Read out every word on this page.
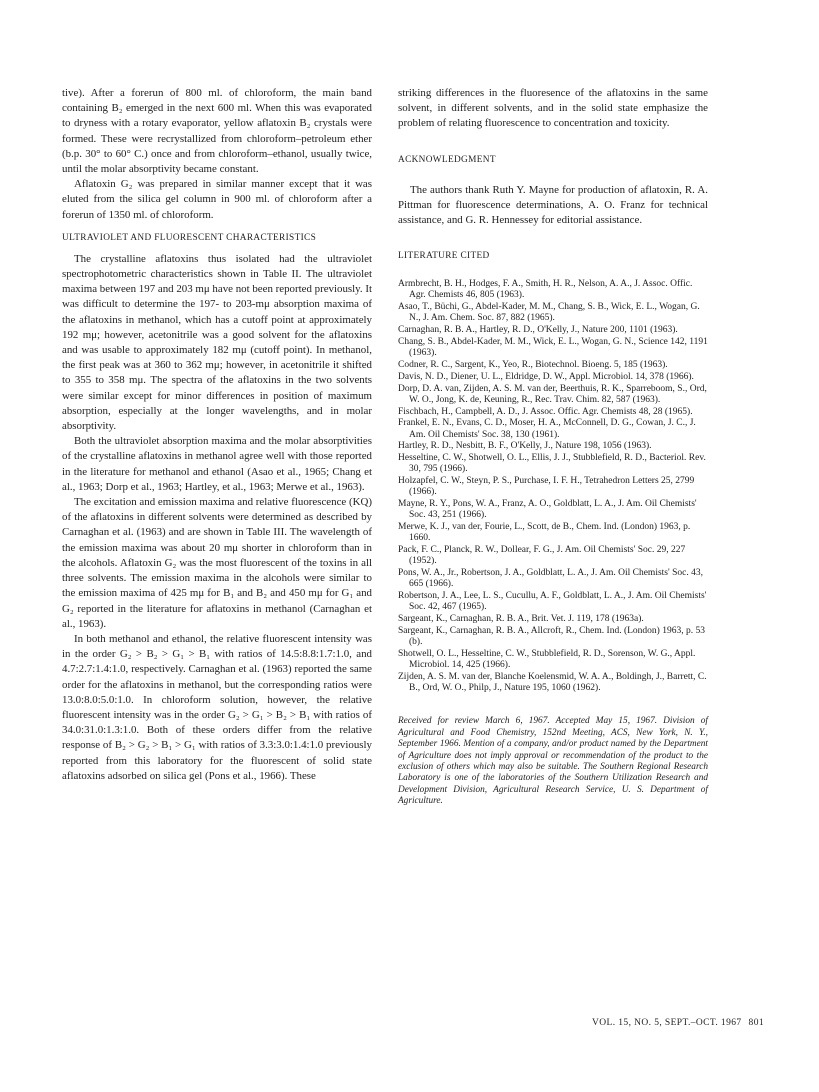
tive). After a forerun of 800 ml. of chloroform, the main band containing B₂ emerged in the next 600 ml. When this was evaporated to dryness with a rotary evaporator, yellow aflatoxin B₂ crystals were formed. These were recrystallized from chloroform–petroleum ether (b.p. 30° to 60° C.) once and from chloroform–ethanol, usually twice, until the molar absorptivity became constant.

Aflatoxin G₂ was prepared in similar manner except that it was eluted from the silica gel column in 900 ml. of chloroform after a forerun of 1350 ml. of chloroform.

ULTRAVIOLET AND FLUORESCENT CHARACTERISTICS

The crystalline aflatoxins thus isolated had the ultraviolet spectrophotometric characteristics shown in Table II. The ultraviolet maxima between 197 and 203 mμ have not been reported previously. It was difficult to determine the 197- to 203-mμ absorption maxima of the aflatoxins in methanol, which has a cutoff point at approximately 192 mμ; however, acetonitrile was a good solvent for the aflatoxins and was usable to approximately 182 mμ (cutoff point). In methanol, the first peak was at 360 to 362 mμ; however, in acetonitrile it shifted to 355 to 358 mμ. The spectra of the aflatoxins in the two solvents were similar except for minor differences in position of maximum absorption, especially at the longer wavelengths, and in molar absorptivity.

Both the ultraviolet absorption maxima and the molar absorptivities of the crystalline aflatoxins in methanol agree well with those reported in the literature for methanol and ethanol (Asao et al., 1965; Chang et al., 1963; Dorp et al., 1963; Hartley, et al., 1963; Merwe et al., 1963).

The excitation and emission maxima and relative fluorescence (KQ) of the aflatoxins in different solvents were determined as described by Carnaghan et al. (1963) and are shown in Table III. The wavelength of the emission maxima was about 20 mμ shorter in chloroform than in the alcohols. Aflatoxin G₂ was the most fluorescent of the toxins in all three solvents. The emission maxima in the alcohols were similar to the emission maxima of 425 mμ for B₁ and B₂ and 450 mμ for G₁ and G₂ reported in the literature for aflatoxins in methanol (Carnaghan et al., 1963).

In both methanol and ethanol, the relative fluorescent intensity was in the order G₂ > B₂ > G₁ > B₁ with ratios of 14.5:8.8:1.7:1.0, and 4.7:2.7:1.4:1.0, respectively. Carnaghan et al. (1963) reported the same order for the aflatoxins in methanol, but the corresponding ratios were 13.0:8.0:5.0:1.0. In chloroform solution, however, the relative fluorescent intensity was in the order G₂ > G₁ > B₂ > B₁ with ratios of 34.0:31.0:1.3:1.0. Both of these orders differ from the relative response of B₂ > G₂ > B₁ > G₁ with ratios of 3.3:3.0:1.4:1.0 previously reported from this laboratory for the fluorescent of solid state aflatoxins adsorbed on silica gel (Pons et al., 1966). These

striking differences in the fluoresence of the aflatoxins in the same solvent, in different solvents, and in the solid state emphasize the problem of relating fluorescence to concentration and toxicity.

ACKNOWLEDGMENT

The authors thank Ruth Y. Mayne for production of aflatoxin, R. A. Pittman for fluorescence determinations, A. O. Franz for technical assistance, and G. R. Hennessey for editorial assistance.

LITERATURE CITED

Armbrecht, B. H., Hodges, F. A., Smith, H. R., Nelson, A. A., J. Assoc. Offic. Agr. Chemists 46, 805 (1963).

Asao, T., Büchi, G., Abdel-Kader, M. M., Chang, S. B., Wick, E. L., Wogan, G. N., J. Am. Chem. Soc. 87, 882 (1965).

Carnaghan, R. B. A., Hartley, R. D., O'Kelly, J., Nature 200, 1101 (1963).

Chang, S. B., Abdel-Kader, M. M., Wick, E. L., Wogan, G. N., Science 142, 1191 (1963).

Codner, R. C., Sargent, K., Yeo, R., Biotechnol. Bioeng. 5, 185 (1963).

Davis, N. D., Diener, U. L., Eldridge, D. W., Appl. Microbiol. 14, 378 (1966).

Dorp, D. A. van, Zijden, A. S. M. van der, Beerthuis, R. K., Sparreboom, S., Ord, W. O., Jong, K. de, Keuning, R., Rec. Trav. Chim. 82, 587 (1963).

Fischbach, H., Campbell, A. D., J. Assoc. Offic. Agr. Chemists 48, 28 (1965).

Frankel, E. N., Evans, C. D., Moser, H. A., McConnell, D. G., Cowan, J. C., J. Am. Oil Chemists' Soc. 38, 130 (1961).

Hartley, R. D., Nesbitt, B. F., O'Kelly, J., Nature 198, 1056 (1963).

Hesseltine, C. W., Shotwell, O. L., Ellis, J. J., Stubblefield, R. D., Bacteriol. Rev. 30, 795 (1966).

Holzapfel, C. W., Steyn, P. S., Purchase, I. F. H., Tetrahedron Letters 25, 2799 (1966).

Mayne, R. Y., Pons, W. A., Franz, A. O., Goldblatt, L. A., J. Am. Oil Chemists' Soc. 43, 251 (1966).

Merwe, K. J., van der, Fourie, L., Scott, de B., Chem. Ind. (London) 1963, p. 1660.

Pack, F. C., Planck, R. W., Dollear, F. G., J. Am. Oil Chemists' Soc. 29, 227 (1952).

Pons, W. A., Jr., Robertson, J. A., Goldblatt, L. A., J. Am. Oil Chemists' Soc. 43, 665 (1966).

Robertson, J. A., Lee, L. S., Cucullu, A. F., Goldblatt, L. A., J. Am. Oil Chemists' Soc. 42, 467 (1965).

Sargeant, K., Carnaghan, R. B. A., Brit. Vet. J. 119, 178 (1963a).

Sargeant, K., Carnaghan, R. B. A., Allcroft, R., Chem. Ind. (London) 1963, p. 53 (b).

Shotwell, O. L., Hesseltine, C. W., Stubblefield, R. D., Sorenson, W. G., Appl. Microbiol. 14, 425 (1966).

Zijden, A. S. M. van der, Blanche Koelensmid, W. A. A., Boldingh, J., Barrett, C. B., Ord, W. O., Philp, J., Nature 195, 1060 (1962).

Received for review March 6, 1967. Accepted May 15, 1967. Division of Agricultural and Food Chemistry, 152nd Meeting, ACS, New York, N. Y., September 1966. Mention of a company, and/or product named by the Department of Agriculture does not imply approval or recommendation of the product to the exclusion of others which may also be suitable. The Southern Regional Research Laboratory is one of the laboratories of the Southern Utilization Research and Development Division, Agricultural Research Service, U. S. Department of Agriculture.

VOL. 15, NO. 5, SEPT.–OCT. 1967 801
